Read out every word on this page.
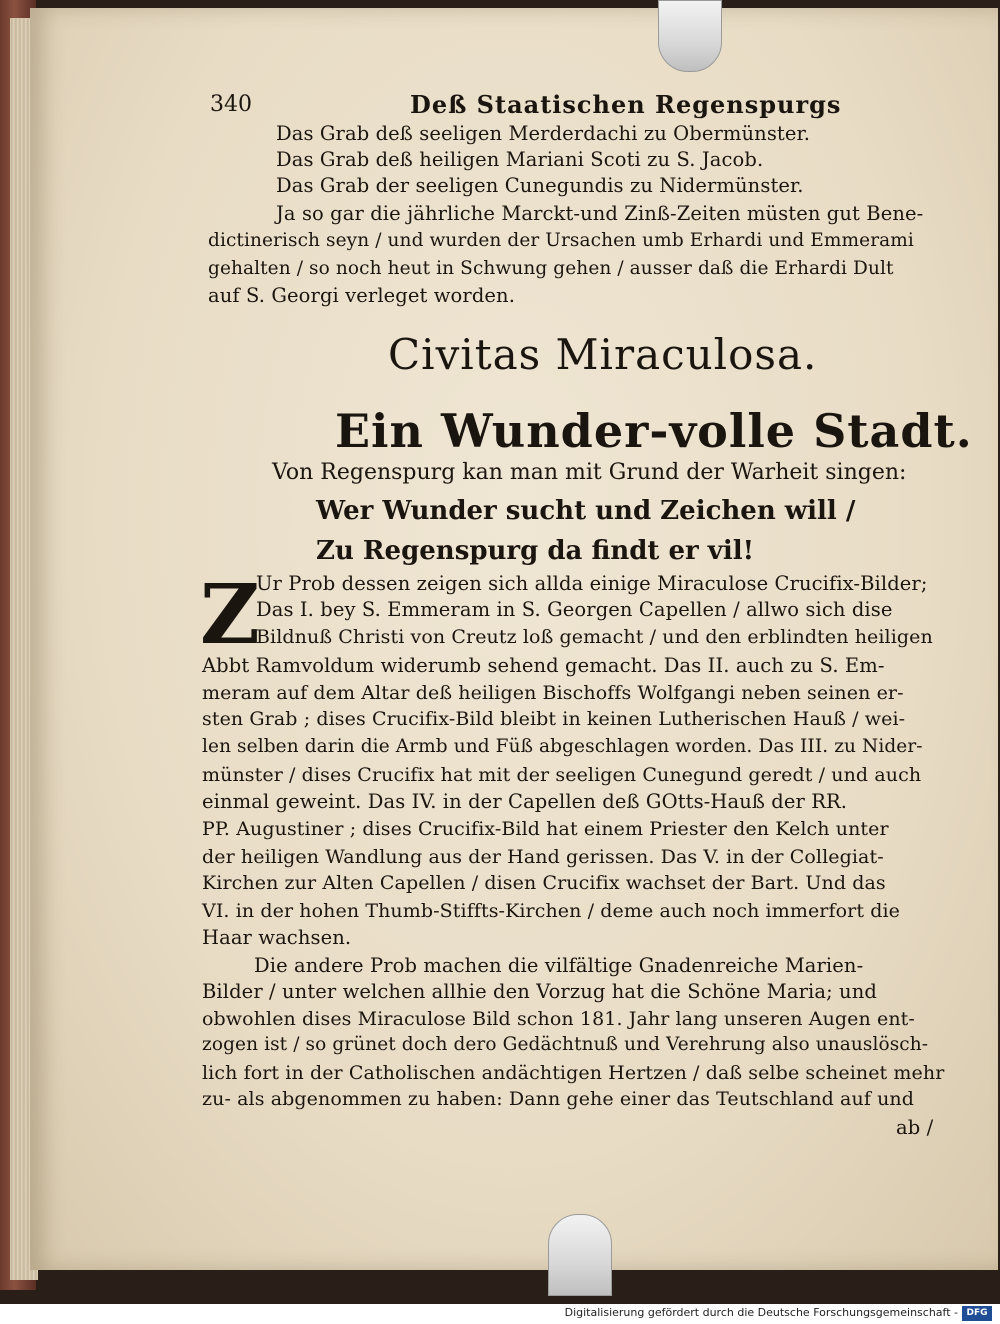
340	Deß Staatischen Regenspurgs
Das Grab deß seeligen Merderdachi zu Obermünster.
Das Grab deß heiligen Mariani Scoti zu S. Jacob.
Das Grab der seeligen Cunegundis zu Nidermünster.
Ja so gar die jährliche Marckt-und Zinß-Zeiten müsten gut Bene-
dictinerisch seyn / und wurden der Ursachen umb Erhardi und Emmerami
gehalten / so noch heut in Schwung gehen / ausser daß die Erhardi Dult
auf S. Georgi verleget worden.
Civitas Miraculosa.
Ein Wunder-volle Stadt.
Von Regenspurg kan man mit Grund der Warheit singen:
Wer Wunder sucht und Zeichen will /
Zu Regenspurg da findt er vil!
Z
Ur Prob dessen zeigen sich allda einige Miraculose Crucifix-Bilder;
Das I. bey S. Emmeram in S. Georgen Capellen / allwo sich dise
Bildnuß Christi von Creutz loß gemacht / und den erblindten heiligen
Abbt Ramvoldum widerumb sehend gemacht. Das II. auch zu S. Em-
meram auf dem Altar deß heiligen Bischoffs Wolfgangi neben seinen er-
sten Grab ; dises Crucifix-Bild bleibt in keinen Lutherischen Hauß / wei-
len selben darin die Armb und Füß abgeschlagen worden. Das III. zu Nider-
münster / dises Crucifix hat mit der seeligen Cunegund geredt / und auch
einmal geweint. Das IV. in der Capellen deß GOtts-Hauß der RR.
PP. Augustiner ; dises Crucifix-Bild hat einem Priester den Kelch unter
der heiligen Wandlung aus der Hand gerissen. Das V. in der Collegiat-
Kirchen zur Alten Capellen / disen Crucifix wachset der Bart. Und das
VI. in der hohen Thumb-Stiffts-Kirchen / deme auch noch immerfort die
Haar wachsen.
Die andere Prob machen die vilfältige Gnadenreiche Marien-
Bilder / unter welchen allhie den Vorzug hat die Schöne Maria; und
obwohlen dises Miraculose Bild schon 181. Jahr lang unseren Augen ent-
zogen ist / so grünet doch dero Gedächtnuß und Verehrung also unauslösch-
lich fort in der Catholischen andächtigen Hertzen / daß selbe scheinet mehr
zu- als abgenommen zu haben: Dann gehe einer das Teutschland auf und
ab /
Digitalisierung gefördert durch die Deutsche Forschungsgemeinschaft - DFG
